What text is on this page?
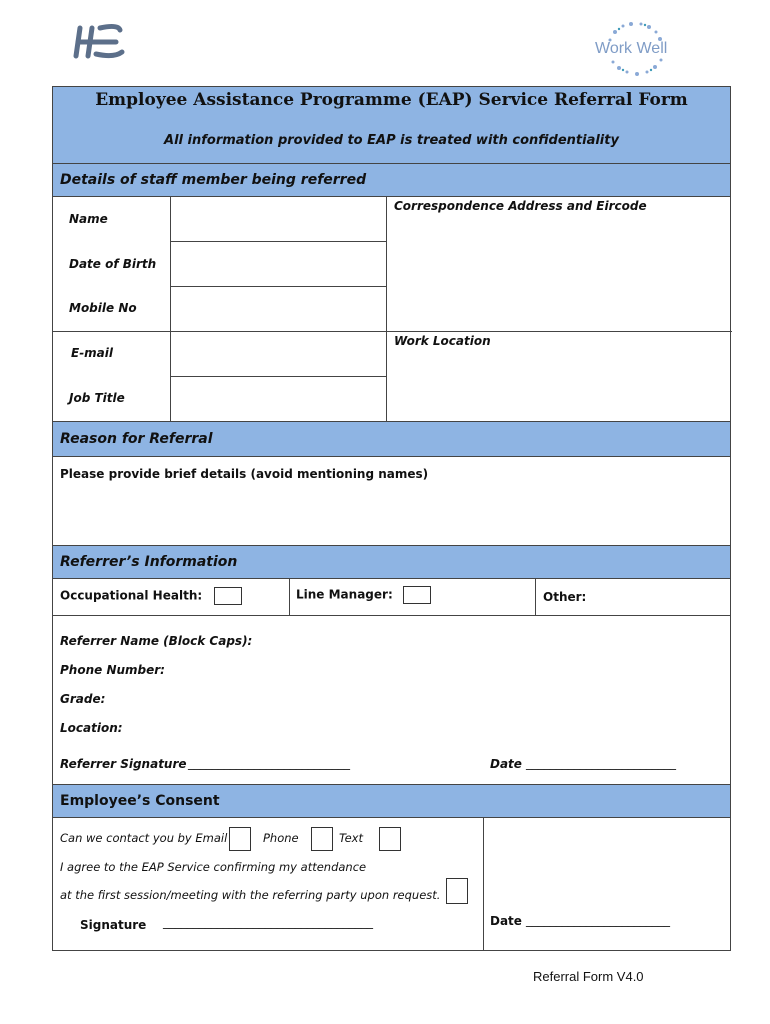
Work Well
Employee Assistance Programme (EAP) Service Referral Form
All information provided to EAP is treated with confidentiality
Details of staff member being referred
Name
Date of Birth
Mobile No
E-mail
Job Title
Correspondence Address and Eircode
Work Location
Reason for Referral
Please provide brief details (avoid mentioning names)
Referrer’s Information
Occupational Health:	Line Manager:	Other:
Referrer Name (Block Caps):
Phone Number:
Grade:
Location:
Referrer Signature ___________________________	Date _________________________
Employee’s Consent
Can we contact you by Email	Phone	Text
I agree to the EAP Service confirming my attendance
at the first session/meeting with the referring party upon request.
Signature ___________________________________	Date ________________________
Referral Form V4.0
